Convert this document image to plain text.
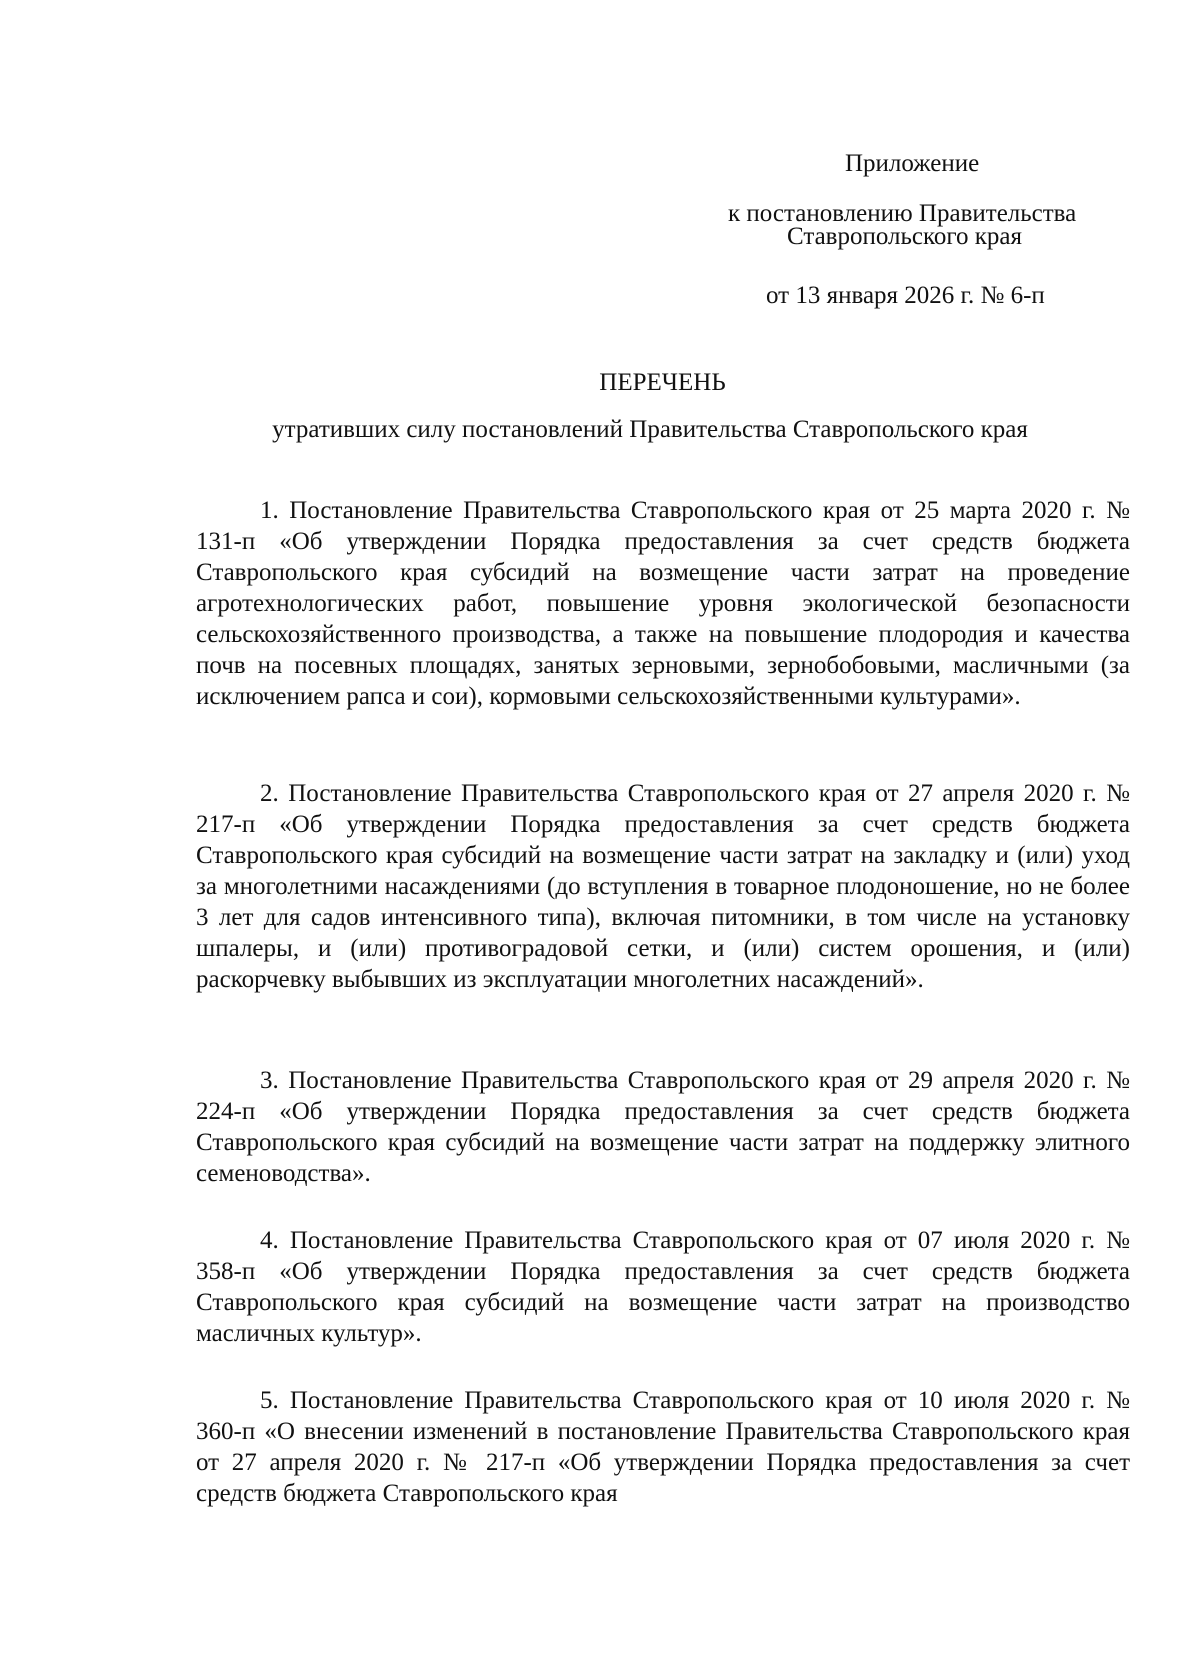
Приложение
к постановлению Правительства
Ставропольского края
от 13 января 2026 г. № 6-п
ПЕРЕЧЕНЬ
утративших силу постановлений Правительства Ставропольского края

1. Постановление Правительства Ставропольского края от 25 марта 2020 г. № 131-п «Об утверждении Порядка предоставления за счет средств бюджета Ставропольского края субсидий на возмещение части затрат на проведение агротехнологических работ, повышение уровня экологической безопасности сельскохозяйственного производства, а также на повышение плодородия и качества почв на посевных площадях, занятых зерновыми, зернобобовыми, масличными (за исключением рапса и сои), кормовыми сельскохозяйственными культурами».

2. Постановление Правительства Ставропольского края от 27 апреля 2020 г. № 217-п «Об утверждении Порядка предоставления за счет средств бюджета Ставропольского края субсидий на возмещение части затрат на закладку и (или) уход за многолетними насаждениями (до вступления в товарное плодоношение, но не более 3 лет для садов интенсивного типа), включая питомники, в том числе на установку шпалеры, и (или) противоградовой сетки, и (или) систем орошения, и (или) раскорчевку выбывших из эксплуатации многолетних насаждений».

3. Постановление Правительства Ставропольского края от 29 апреля 2020 г. № 224-п «Об утверждении Порядка предоставления за счет средств бюджета Ставропольского края субсидий на возмещение части затрат на поддержку элитного семеноводства».

4. Постановление Правительства Ставропольского края от 07 июля 2020 г. № 358-п «Об утверждении Порядка предоставления за счет средств бюджета Ставропольского края субсидий на возмещение части затрат на производство масличных культур».

5. Постановление Правительства Ставропольского края от 10 июля 2020 г. № 360-п «О внесении изменений в постановление Правительства Ставропольского края от 27 апреля 2020 г. № 217-п «Об утверждении Порядка предоставления за счет средств бюджета Ставропольского края
